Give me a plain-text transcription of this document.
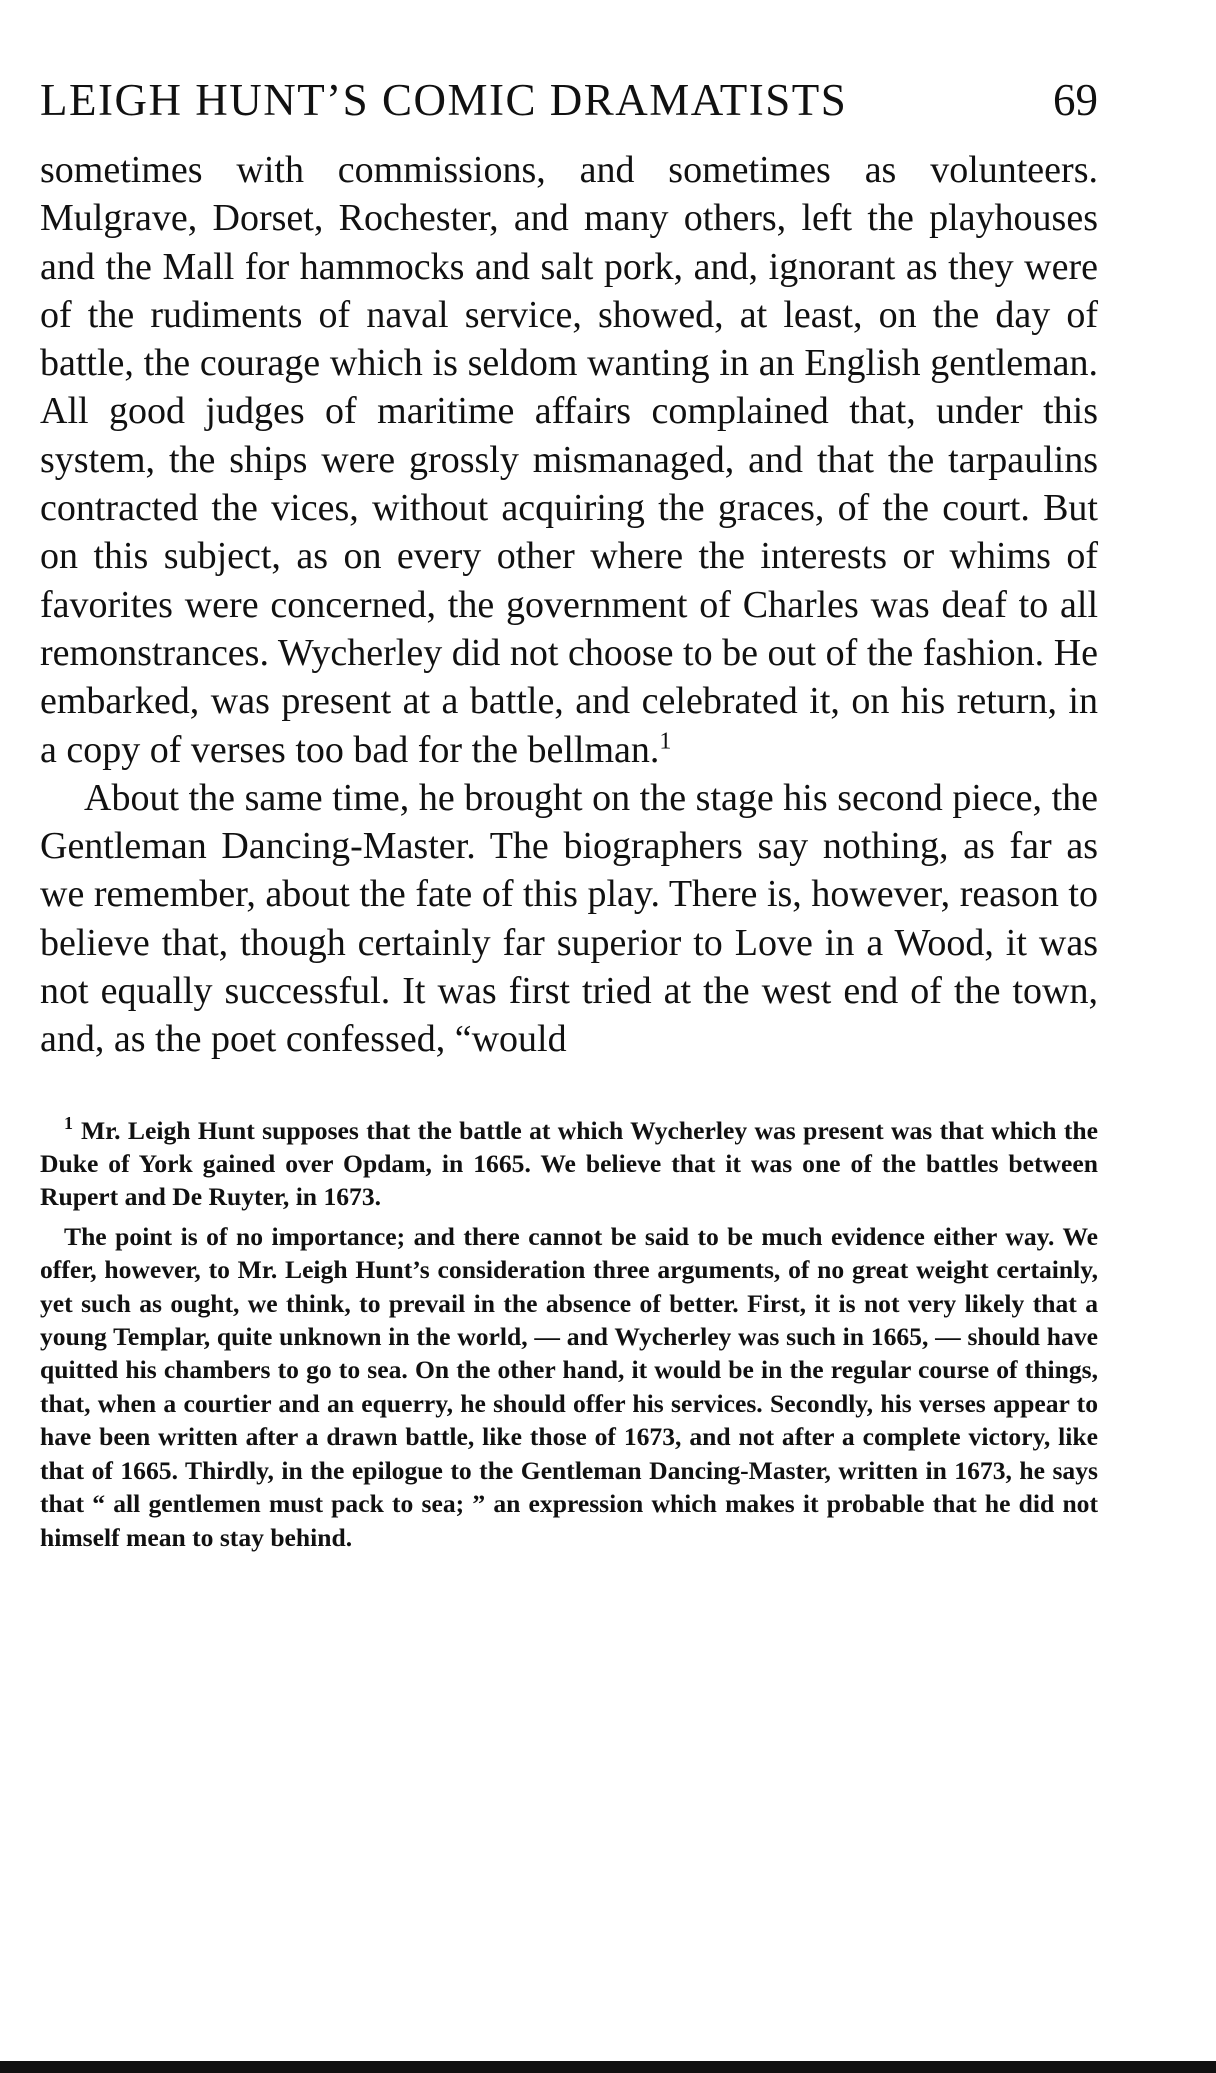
LEIGH HUNT’S COMIC DRAMATISTS	69

sometimes with commissions, and sometimes as volunteers. Mulgrave, Dorset, Rochester, and many others, left the playhouses and the Mall for hammocks and salt pork, and, ignorant as they were of the rudiments of naval service, showed, at least, on the day of battle, the courage which is seldom wanting in an English gentleman. All good judges of maritime affairs complained that, under this system, the ships were grossly mismanaged, and that the tarpaulins contracted the vices, without acquiring the graces, of the court. But on this subject, as on every other where the interests or whims of favorites were concerned, the government of Charles was deaf to all remonstrances. Wycherley did not choose to be out of the fashion. He embarked, was present at a battle, and celebrated it, on his return, in a copy of verses too bad for the bellman.$^1$

About the same time, he brought on the stage his second piece, the Gentleman Dancing-Master. The biographers say nothing, as far as we remember, about the fate of this play. There is, however, reason to believe that, though certainly far superior to Love in a Wood, it was not equally successful. It was first tried at the west end of the town, and, as the poet confessed, “would

$^1$ Mr. Leigh Hunt supposes that the battle at which Wycherley was present was that which the Duke of York gained over Opdam, in 1665. We believe that it was one of the battles between Rupert and De Ruyter, in 1673.

The point is of no importance; and there cannot be said to be much evidence either way. We offer, however, to Mr. Leigh Hunt’s consideration three arguments, of no great weight certainly, yet such as ought, we think, to prevail in the absence of better. First, it is not very likely that a young Templar, quite unknown in the world, — and Wycherley was such in 1665, — should have quitted his chambers to go to sea. On the other hand, it would be in the regular course of things, that, when a courtier and an equerry, he should offer his services. Secondly, his verses appear to have been written after a drawn battle, like those of 1673, and not after a complete victory, like that of 1665. Thirdly, in the epilogue to the Gentleman Dancing-Master, written in 1673, he says that “ all gentlemen must pack to sea; ” an expression which makes it probable that he did not himself mean to stay behind.
